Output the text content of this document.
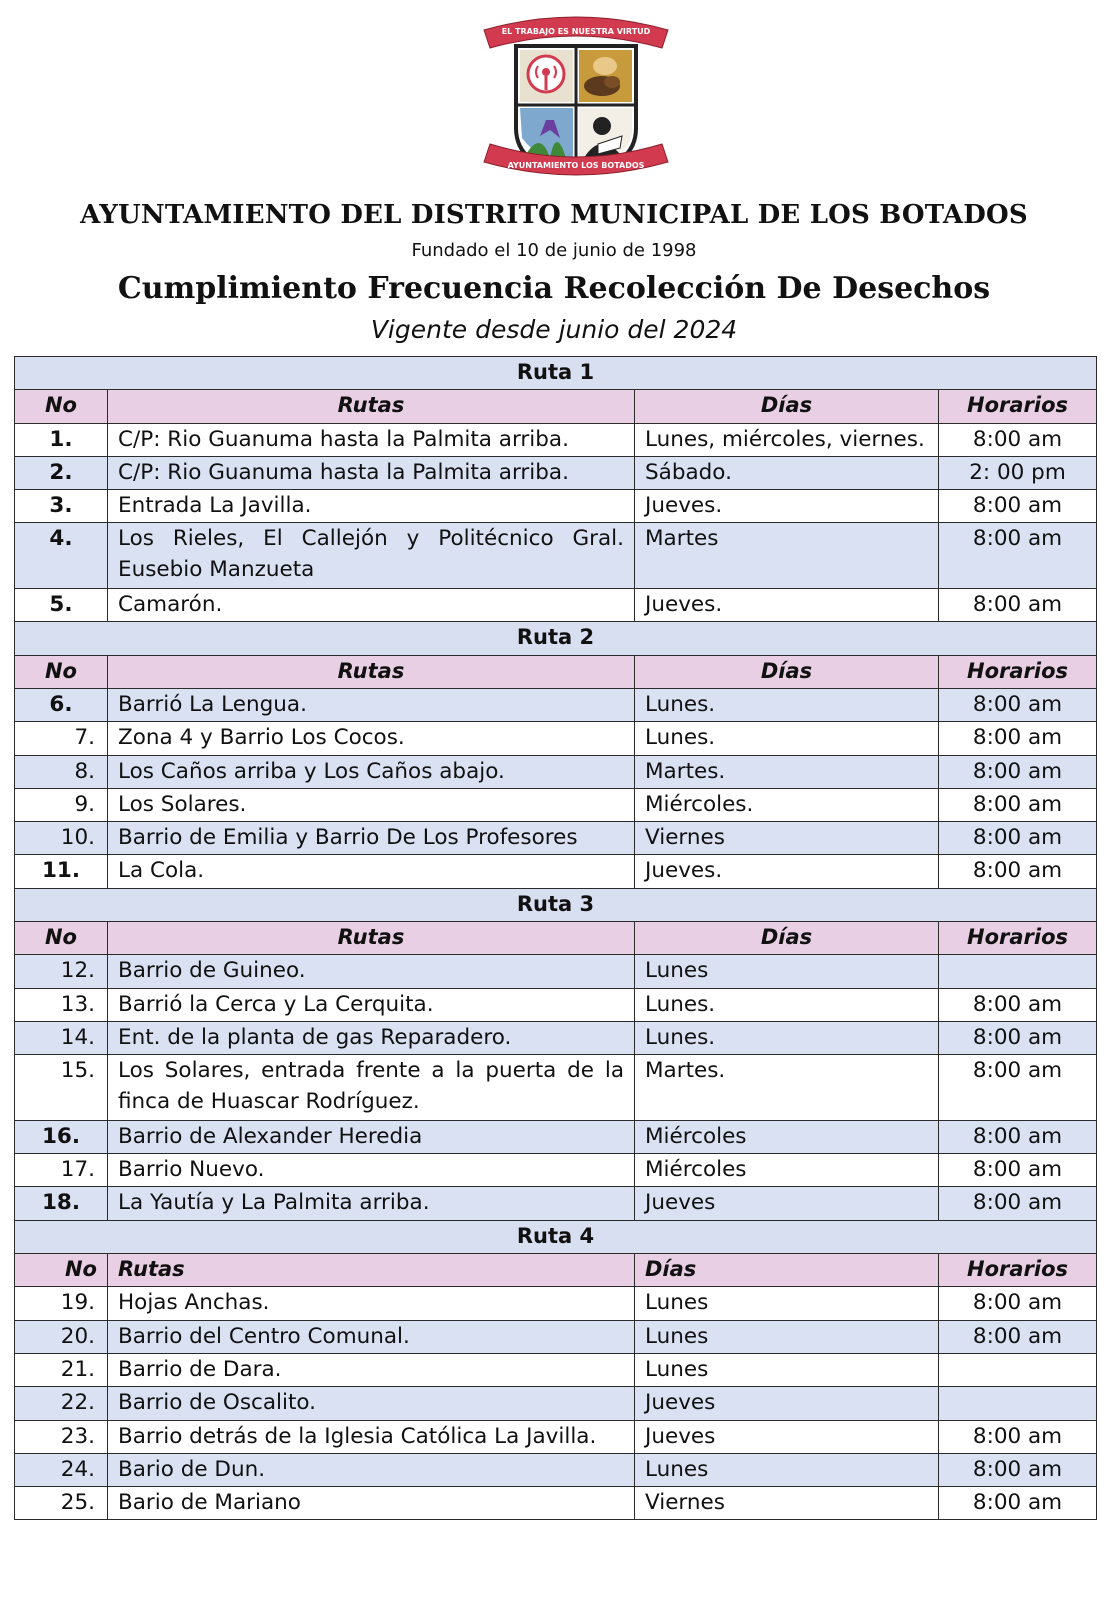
EL TRABAJO ES NUESTRA VIRTUD
AYUNTAMIENTO LOS BOTADOS
AYUNTAMIENTO DEL DISTRITO MUNICIPAL DE LOS BOTADOS
Fundado el 10 de junio de 1998
Cumplimiento Frecuencia Recolección De Desechos
Vigente desde junio del 2024
Ruta 1			
No	Rutas	Días	Horarios
1.	C/P: Rio Guanuma hasta la Palmita arriba.	Lunes, miércoles, viernes.	8:00 am
2.	C/P: Rio Guanuma hasta la Palmita arriba.	Sábado.	2: 00 pm
3.	Entrada La Javilla.	Jueves.	8:00 am
4.	Los Rieles, El Callejón y Politécnico Gral. Eusebio Manzueta	Martes	8:00 am
5.	Camarón.	Jueves.	8:00 am
Ruta 2			
No	Rutas	Días	Horarios
6.	Barrió La Lengua.	Lunes.	8:00 am
7.	Zona 4 y Barrio Los Cocos.	Lunes.	8:00 am
8.	Los Caños arriba y Los Caños abajo.	Martes.	8:00 am
9.	Los Solares.	Miércoles.	8:00 am
10.	Barrio de Emilia y Barrio De Los Profesores	Viernes	8:00 am
11.	La Cola.	Jueves.	8:00 am
Ruta 3			
No	Rutas	Días	Horarios
12.	Barrio de Guineo.	Lunes	
13.	Barrió la Cerca y La Cerquita.	Lunes.	8:00 am
14.	Ent. de la planta de gas Reparadero.	Lunes.	8:00 am
15.	Los Solares, entrada frente a la puerta de la finca de Huascar Rodríguez.	Martes.	8:00 am
16.	Barrio de Alexander Heredia	Miércoles	8:00 am
17.	Barrio Nuevo.	Miércoles	8:00 am
18.	La Yautía y La Palmita arriba.	Jueves	8:00 am
Ruta 4			
No	Rutas	Días	Horarios
19.	Hojas Anchas.	Lunes	8:00 am
20.	Barrio del Centro Comunal.	Lunes	8:00 am
21.	Barrio de Dara.	Lunes	
22.	Barrio de Oscalito.	Jueves	
23.	Barrio detrás de la Iglesia Católica La Javilla.	Jueves	8:00 am
24.	Bario de Dun.	Lunes	8:00 am
25.	Bario de Mariano	Viernes	8:00 am
